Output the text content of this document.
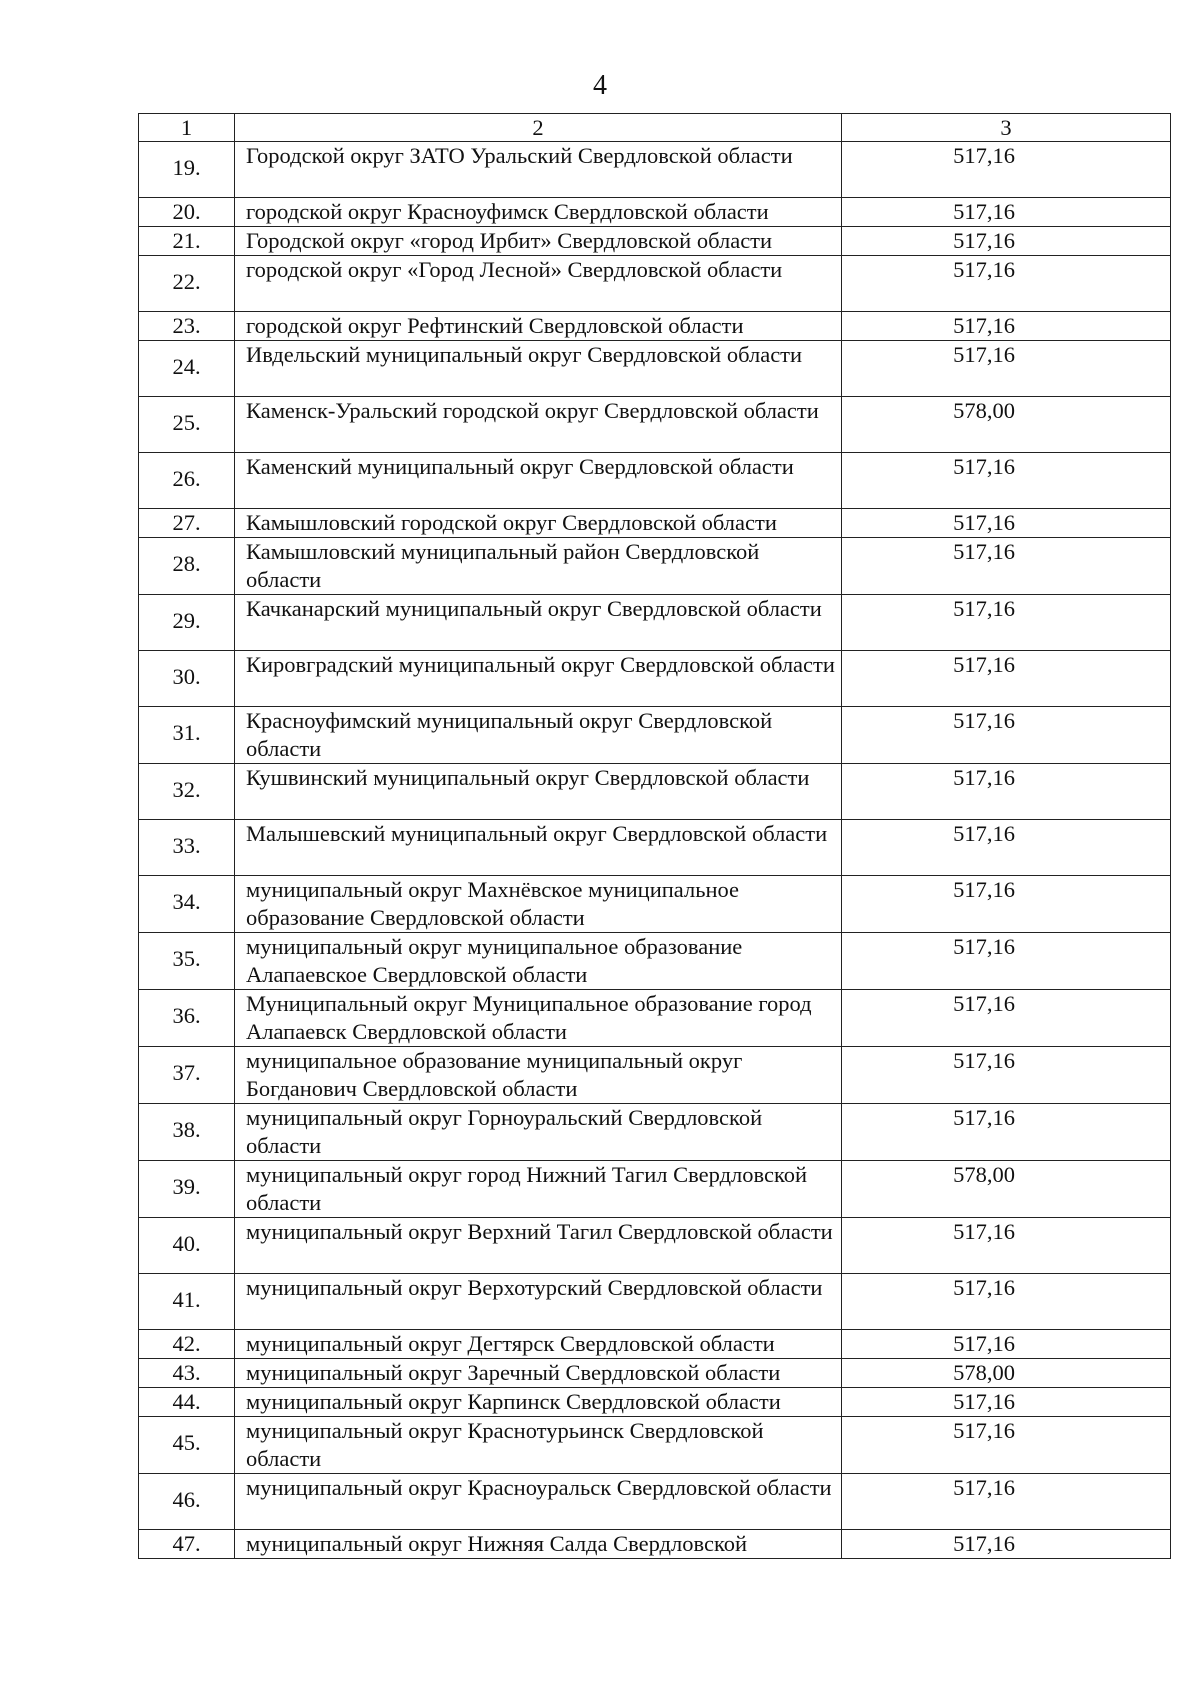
4
1	2	3
19.	Городской округ ЗАТО Уральский Свердловской области	517,16
20.	городской округ Красноуфимск Свердловской области	517,16
21.	Городской округ «город Ирбит» Свердловской области	517,16
22.	городской округ «Город Лесной» Свердловской области	517,16
23.	городской округ Рефтинский Свердловской области	517,16
24.	Ивдельский муниципальный округ Свердловской области	517,16
25.	Каменск-Уральский городской округ Свердловской области	578,00
26.	Каменский муниципальный округ Свердловской области	517,16
27.	Камышловский городской округ Свердловской области	517,16
28.	Камышловский муниципальный район Свердловской области	517,16
29.	Качканарский муниципальный округ Свердловской области	517,16
30.	Кировградский муниципальный округ Свердловской области	517,16
31.	Красноуфимский муниципальный округ Свердловской области	517,16
32.	Кушвинский муниципальный округ Свердловской области	517,16
33.	Малышевский муниципальный округ Свердловской области	517,16
34.	муниципальный округ Махнёвское муниципальное образование Свердловской области	517,16
35.	муниципальный округ муниципальное образование Алапаевское Свердловской области	517,16
36.	Муниципальный округ Муниципальное образование город Алапаевск Свердловской области	517,16
37.	муниципальное образование муниципальный округ Богданович Свердловской области	517,16
38.	муниципальный округ Горноуральский Свердловской области	517,16
39.	муниципальный округ город Нижний Тагил Свердловской области	578,00
40.	муниципальный округ Верхний Тагил Свердловской области	517,16
41.	муниципальный округ Верхотурский Свердловской области	517,16
42.	муниципальный округ Дегтярск Свердловской области	517,16
43.	муниципальный округ Заречный Свердловской области	578,00
44.	муниципальный округ Карпинск Свердловской области	517,16
45.	муниципальный округ Краснотурьинск Свердловской области	517,16
46.	муниципальный округ Красноуральск Свердловской области	517,16
47.	муниципальный округ Нижняя Салда Свердловской	517,16
